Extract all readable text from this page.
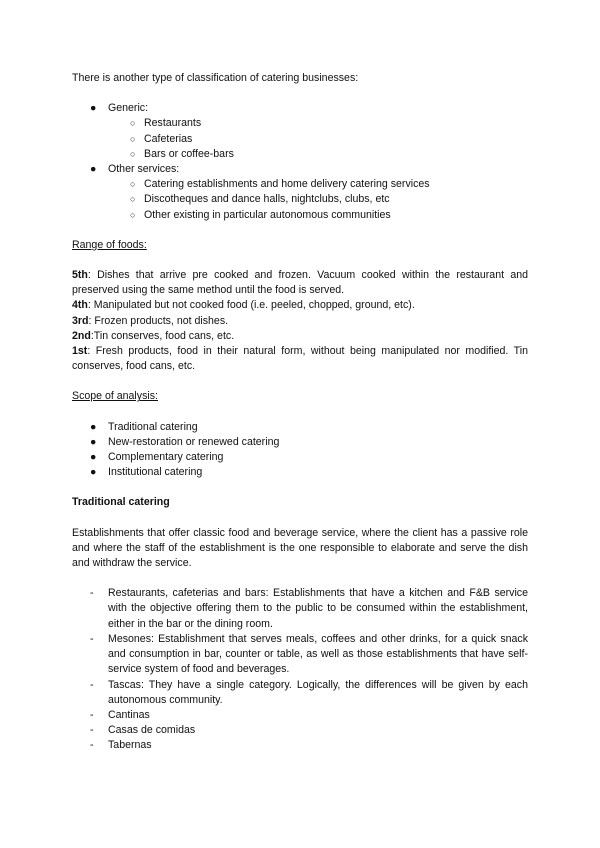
There is another type of classification of catering businesses:

●	Generic:
○ Restaurants
○ Cafeterias
○ Bars or coffee-bars
●	Other services:
○ Catering establishments and home delivery catering services
○ Discotheques and dance halls, nightclubs, clubs, etc
○ Other existing in particular autonomous communities

Range of foods:

5th: Dishes that arrive pre cooked and frozen. Vacuum cooked within the restaurant and preserved using the same method until the food is served.

4th: Manipulated but not cooked food (i.e. peeled, chopped, ground, etc).

3rd: Frozen products, not dishes.

2nd:Tin conserves, food cans, etc.

1st: Fresh products, food in their natural form, without being manipulated nor modified. Tin conserves, food cans, etc.

Scope of analysis:

●	Traditional catering
●	New-restoration or renewed catering
●	Complementary catering
●	Institutional catering

Traditional catering

Establishments that offer classic food and beverage service, where the client has a passive role and where the staff of the establishment is the one responsible to elaborate and serve the dish and withdraw the service.

- Restaurants, cafeterias and bars: Establishments that have a kitchen and F&B service with the objective offering them to the public to be consumed within the establishment, either in the bar or the dining room.
- Mesones: Establishment that serves meals, coffees and other drinks, for a quick snack and consumption in bar, counter or table, as well as those establishments that have self-service system of food and beverages.
- Tascas: They have a single category. Logically, the differences will be given by each autonomous community.
- Cantinas
- Casas de comidas
- Tabernas
